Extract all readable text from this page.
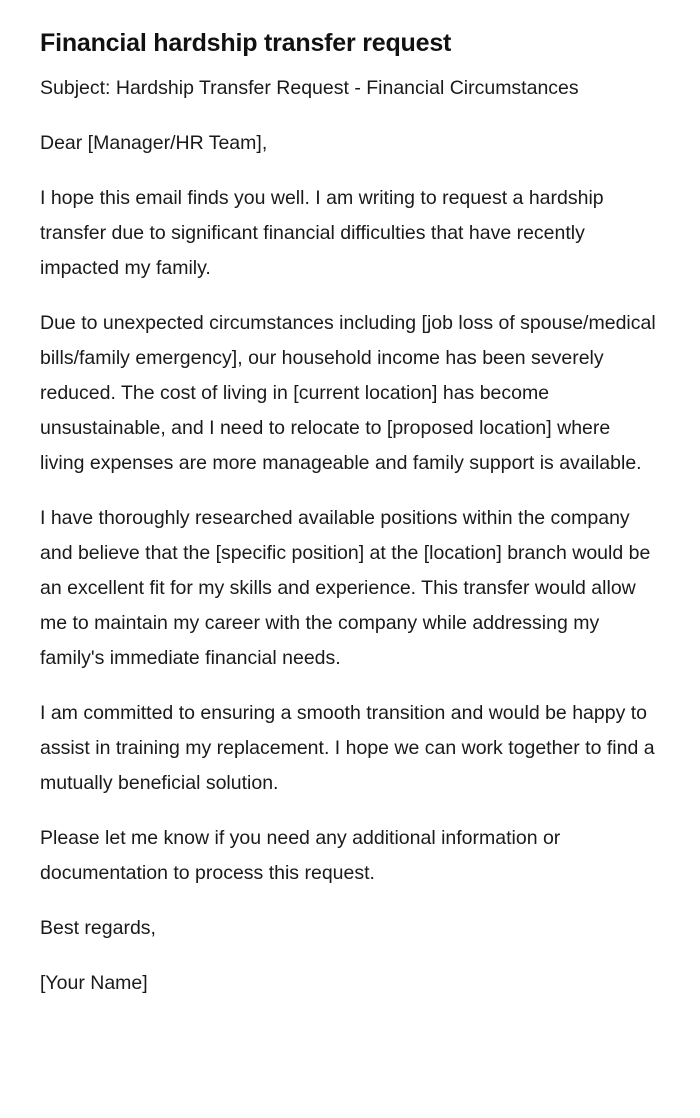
Financial hardship transfer request

Subject: Hardship Transfer Request - Financial Circumstances

Dear [Manager/HR Team],

I hope this email finds you well. I am writing to request a hardship transfer due to significant financial difficulties that have recently impacted my family.

Due to unexpected circumstances including [job loss of spouse/medical bills/family emergency], our household income has been severely reduced. The cost of living in [current location] has become unsustainable, and I need to relocate to [proposed location] where living expenses are more manageable and family support is available.

I have thoroughly researched available positions within the company and believe that the [specific position] at the [location] branch would be an excellent fit for my skills and experience. This transfer would allow me to maintain my career with the company while addressing my family's immediate financial needs.

I am committed to ensuring a smooth transition and would be happy to assist in training my replacement. I hope we can work together to find a mutually beneficial solution.

Please let me know if you need any additional information or documentation to process this request.

Best regards,

[Your Name]
